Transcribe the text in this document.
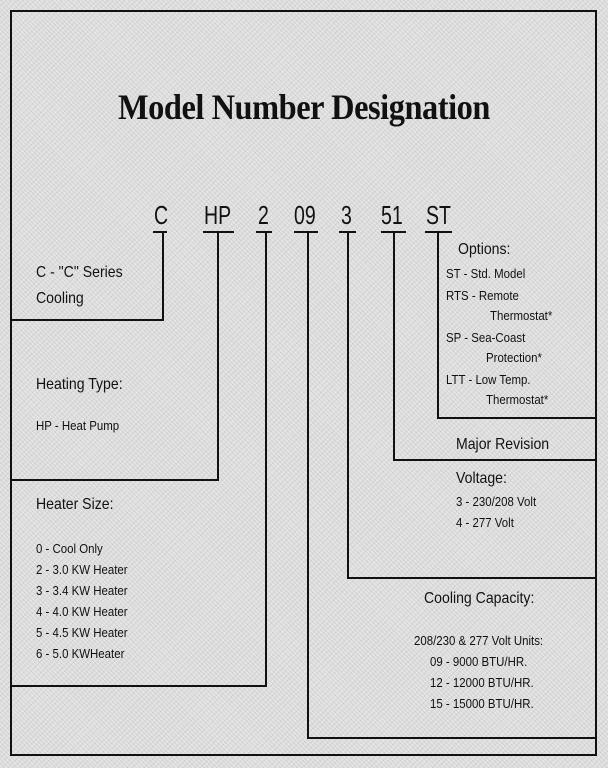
Model Number Designation
C HP 2 09 3 51 ST
C - "C" Series
Cooling
Heating Type:
HP - Heat Pump
Heater Size:
0 - Cool Only
2 - 3.0 KW Heater
3 - 3.4 KW Heater
4 - 4.0 KW Heater
5 - 4.5 KW Heater
6 - 5.0 KWHeater
Options:
ST - Std. Model
RTS - Remote
Thermostat*
SP - Sea-Coast
Protection*
LTT - Low Temp.
Thermostat*
Major Revision
Voltage:
3 - 230/208 Volt
4 - 277 Volt
Cooling Capacity:
208/230 & 277 Volt Units:
09 - 9000 BTU/HR.
12 - 12000 BTU/HR.
15 - 15000 BTU/HR.
